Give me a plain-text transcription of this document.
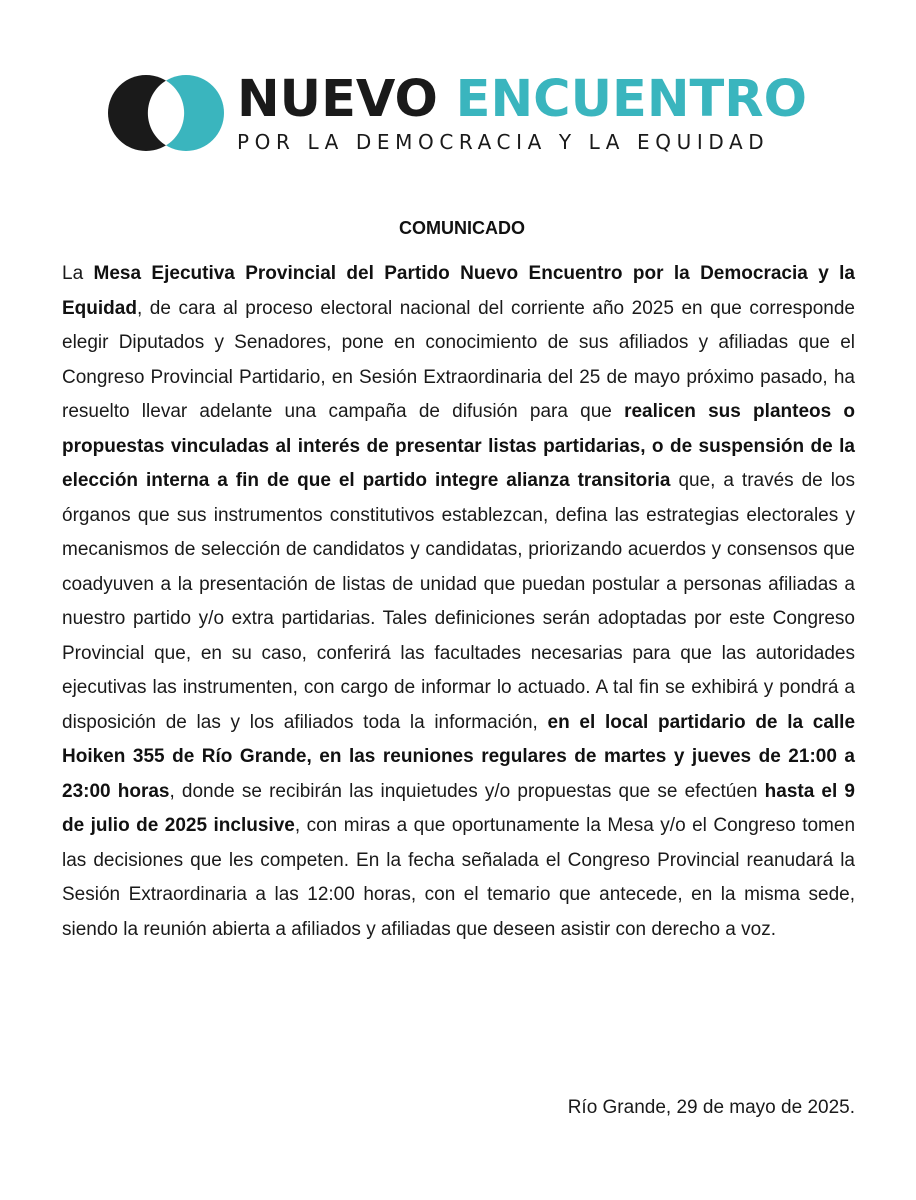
NUEVO ENCUENTRO
POR LA DEMOCRACIA Y LA EQUIDAD
COMUNICADO
La Mesa Ejecutiva Provincial del Partido Nuevo Encuentro por la Democracia y la Equidad, de cara al proceso electoral nacional del corriente año 2025 en que corresponde elegir Diputados y Senadores, pone en conocimiento de sus afiliados y afiliadas que el Congreso Provincial Partidario, en Sesión Extraordinaria del 25 de mayo próximo pasado, ha resuelto llevar adelante una campaña de difusión para que realicen sus planteos o propuestas vinculadas al interés de presentar listas partidarias, o de suspensión de la elección interna a fin de que el partido integre alianza transitoria que, a través de los órganos que sus instrumentos constitutivos establezcan, defina las estrategias electorales y mecanismos de selección de candidatos y candidatas, priorizando acuerdos y consensos que coadyuven a la presentación de listas de unidad que puedan postular a personas afiliadas a nuestro partido y/o extra partidarias. Tales definiciones serán adoptadas por este Congreso Provincial que, en su caso, conferirá las facultades necesarias para que las autoridades ejecutivas las instrumenten, con cargo de informar lo actuado. A tal fin se exhibirá y pondrá a disposición de las y los afiliados toda la información, en el local partidario de la calle Hoiken 355 de Río Grande, en las reuniones regulares de martes y jueves de 21:00 a 23:00 horas, donde se recibirán las inquietudes y/o propuestas que se efectúen hasta el 9 de julio de 2025 inclusive, con miras a que oportunamente la Mesa y/o el Congreso tomen las decisiones que les competen. En la fecha señalada el Congreso Provincial reanudará la Sesión Extraordinaria a las 12:00 horas, con el temario que antecede, en la misma sede, siendo la reunión abierta a afiliados y afiliadas que deseen asistir con derecho a voz.
Río Grande, 29 de mayo de 2025.
